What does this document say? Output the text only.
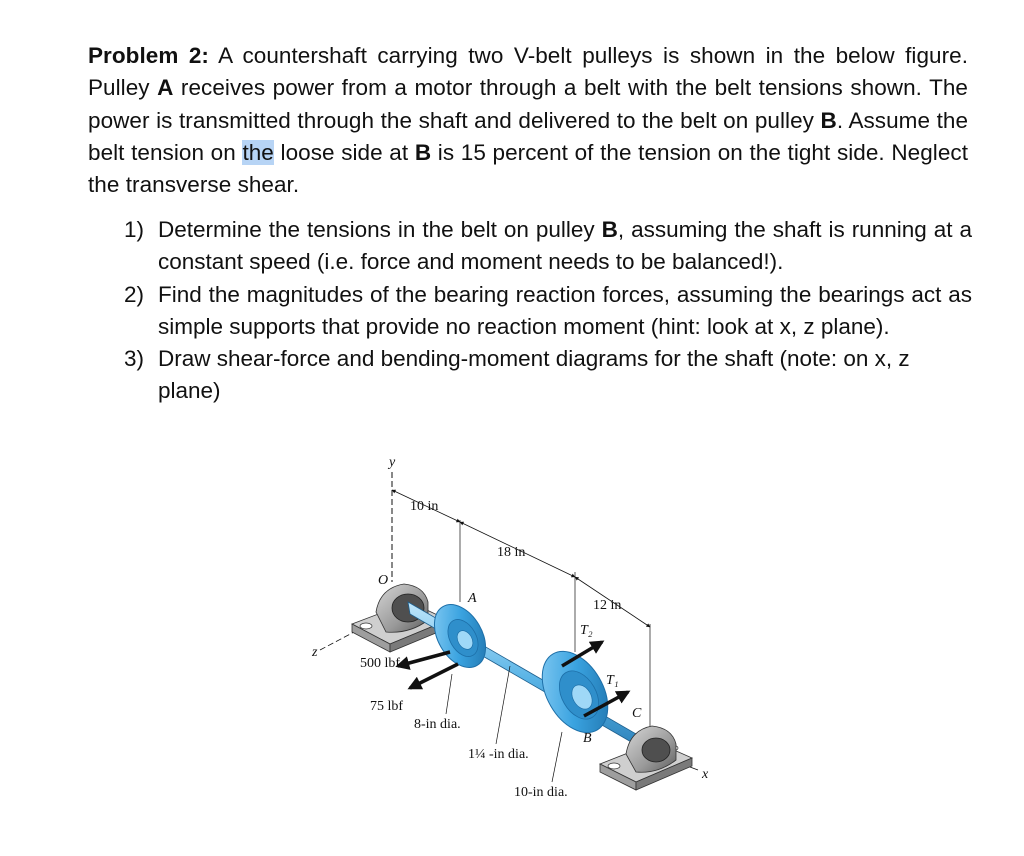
Problem 2: A countershaft carrying two V-belt pulleys is shown in the below figure. Pulley A receives power from a motor through a belt with the belt tensions shown. The power is transmitted through the shaft and delivered to the belt on pulley B. Assume the belt tension on the loose side at B is 15 percent of the tension on the tight side. Neglect the transverse shear.
1) Determine the tensions in the belt on pulley B, assuming the shaft is running at a constant speed (i.e. force and moment needs to be balanced!).
2) Find the magnitudes of the bearing reaction forces, assuming the bearings act as simple supports that provide no reaction moment (hint: look at x, z plane).
3) Draw shear-force and bending-moment diagrams for the shaft (note: on x, z plane)
y
10 in
18 in
12 in
z
x
O
A
B
C
500 lbf
75 lbf
T₂
T₁
8-in dia.
1¼ -in dia.
10-in dia.
